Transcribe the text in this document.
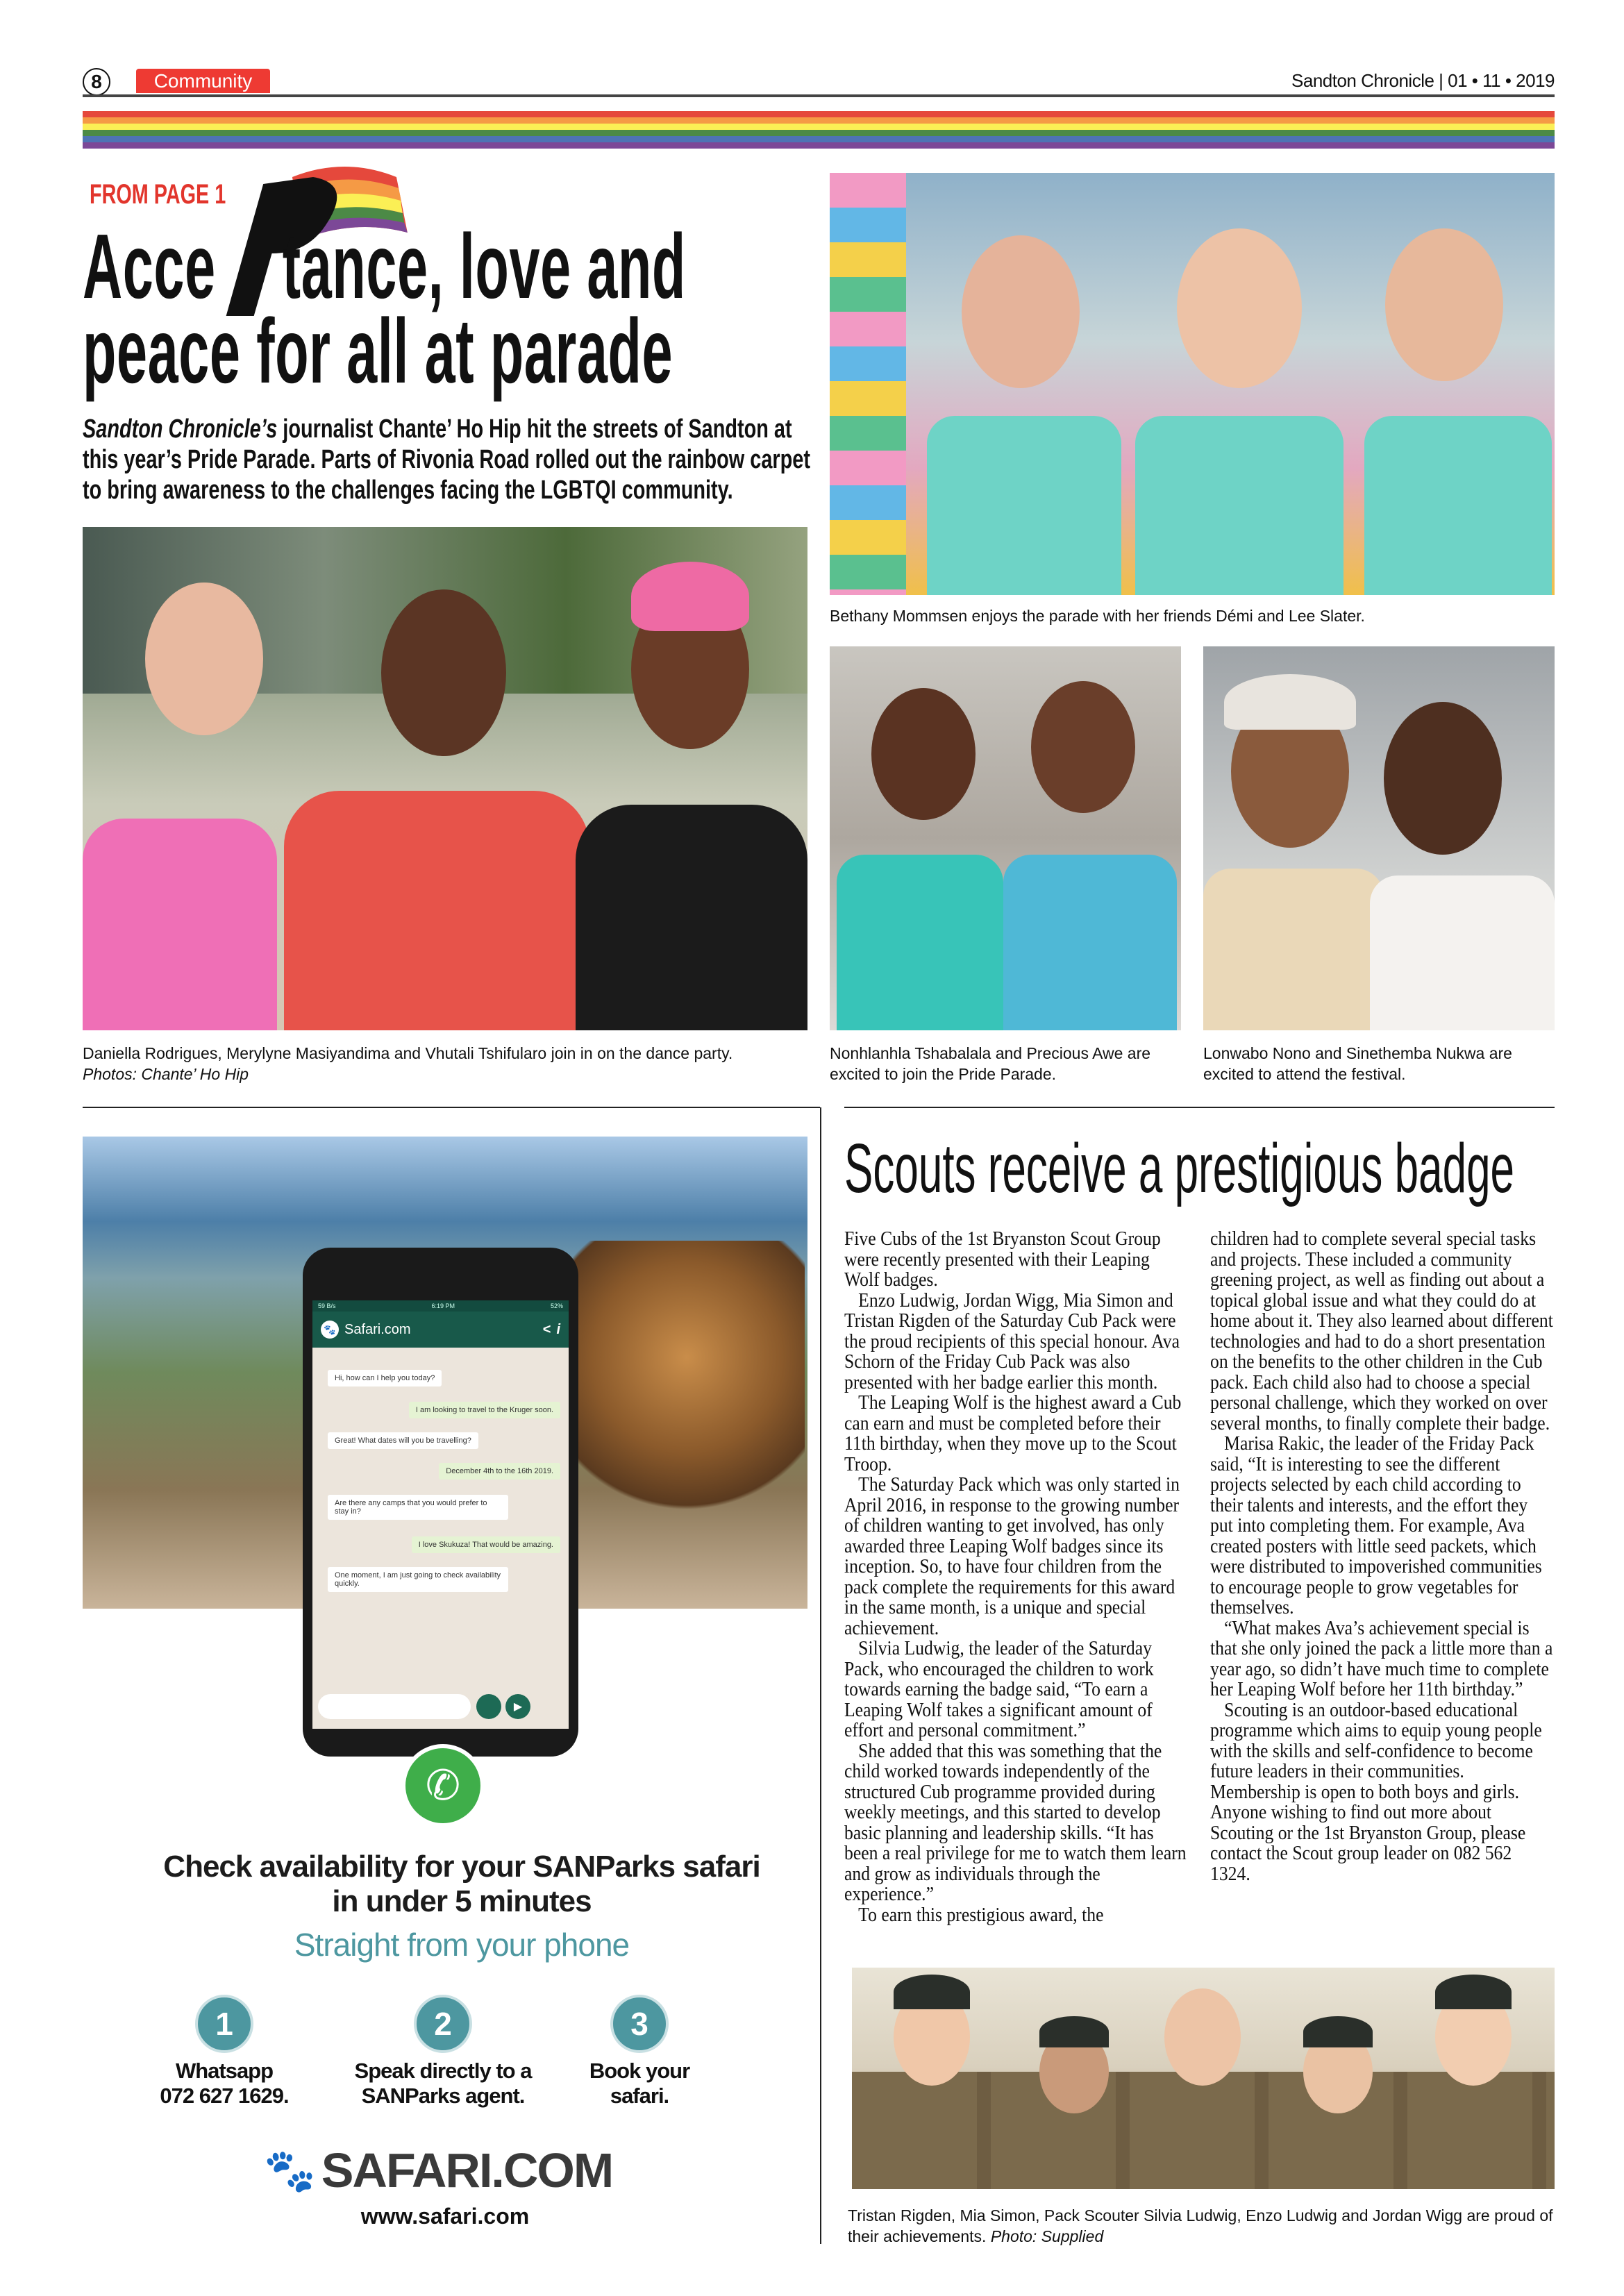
8	Community	Sandton Chronicle | 01 • 11 • 2019
FROM PAGE 1
Acce tance, love and
peace for all at parade
Sandton Chronicle’s journalist Chante’ Ho Hip hit the streets of Sandton at
this year’s Pride Parade. Parts of Rivonia Road rolled out the rainbow carpet
to bring awareness to the challenges facing the LGBTQI community.
Daniella Rodrigues, Merylyne Masiyandima and Vhutali Tshifularo join in on the dance party.
Photos: Chante’ Ho Hip
Bethany Mommsen enjoys the parade with her friends Démi and Lee Slater.
Nonhlanhla Tshabalala and Precious Awe are excited to join the Pride Parade.
Lonwabo Nono and Sinethemba Nukwa are excited to attend the festival.
59 B/s	6:19 PM	52%
🐾 Safari.com	< i
Hi, how can I help you today?
I am looking to travel to the Kruger soon.
Great! What dates will you be travelling?
December 4th to the 16th 2019.
Are there any camps that you would prefer to stay in?
I love Skukuza! That would be amazing.
One moment, I am just going to check availability quickly.
▶
✆
Check availability for your SANParks safari
in under 5 minutes
Straight from your phone
1	2	3
Whatsapp
072 627 1629.
Speak directly to a
SANParks agent.
Book your
safari.
🐾 SAFARI.COM
www.safari.com
Scouts receive a prestigious badge

Five Cubs of the 1st Bryanston Scout Group were recently presented with their Leaping Wolf badges.

Enzo Ludwig, Jordan Wigg, Mia Simon and Tristan Rigden of the Saturday Cub Pack were the proud recipients of this special honour. Ava Schorn of the Friday Cub Pack was also presented with her badge earlier this month.

The Leaping Wolf is the highest award a Cub can earn and must be completed before their 11th birthday, when they move up to the Scout Troop.

The Saturday Pack which was only started in April 2016, in response to the growing number of children wanting to get involved, has only awarded three Leaping Wolf badges since its inception. So, to have four children from the pack complete the requirements for this award in the same month, is a unique and special achievement.

Silvia Ludwig, the leader of the Saturday Pack, who encouraged the children to work towards earning the badge said, “To earn a Leaping Wolf takes a significant amount of effort and personal commitment.”

She added that this was something that the child worked towards independently of the structured Cub programme provided during weekly meetings, and this started to develop basic planning and leadership skills. “It has been a real privilege for me to watch them learn and grow as individuals through the experience.”

To earn this prestigious award, the

children had to complete several special tasks and projects. These included a community greening project, as well as finding out about a topical global issue and what they could do at home about it. They also learned about different technologies and had to do a short presentation on the benefits to the other children in the Cub pack. Each child also had to choose a special personal challenge, which they worked on over several months, to finally complete their badge.

Marisa Rakic, the leader of the Friday Pack said, “It is interesting to see the different projects selected by each child according to their talents and interests, and the effort they put into completing them. For example, Ava created posters with little seed packets, which were distributed to impoverished communities to encourage people to grow vegetables for themselves.

“What makes Ava’s achievement special is that she only joined the pack a little more than a year ago, so didn’t have much time to complete her Leaping Wolf before her 11th birthday.”

Scouting is an outdoor-based educational programme which aims to equip young people with the skills and self-confidence to become future leaders in their communities. Membership is open to both boys and girls. Anyone wishing to find out more about Scouting or the 1st Bryanston Group, please contact the Scout group leader on 082 562 1324.

Tristan Rigden, Mia Simon, Pack Scouter Silvia Ludwig, Enzo Ludwig and Jordan Wigg are proud of their achievements. Photo: Supplied
